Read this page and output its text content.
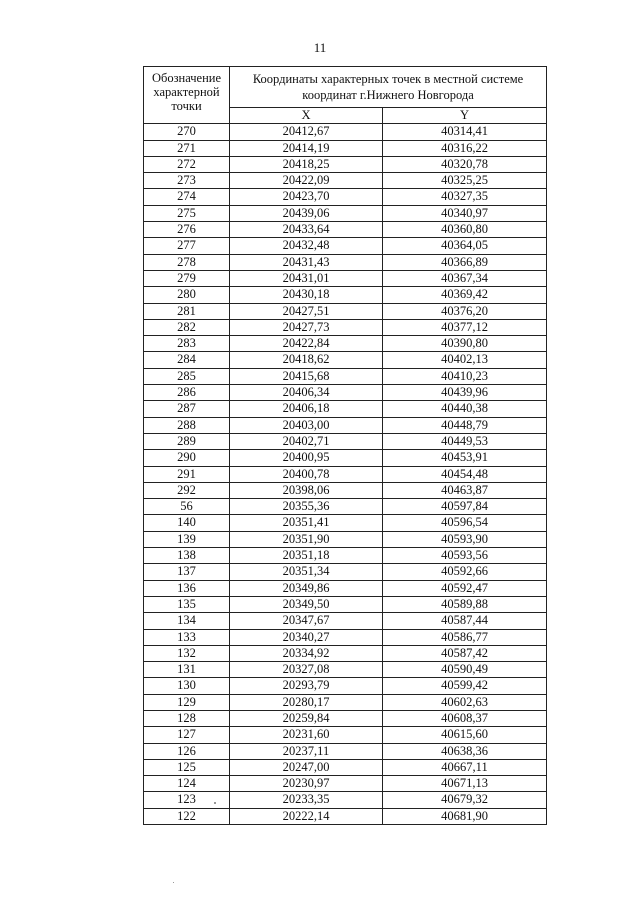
11
Обозначение характерной точки	Координаты характерных точек в местной системе координат г.Нижнего Новгорода	
	X	Y
270	20412,67	40314,41
271	20414,19	40316,22
272	20418,25	40320,78
273	20422,09	40325,25
274	20423,70	40327,35
275	20439,06	40340,97
276	20433,64	40360,80
277	20432,48	40364,05
278	20431,43	40366,89
279	20431,01	40367,34
280	20430,18	40369,42
281	20427,51	40376,20
282	20427,73	40377,12
283	20422,84	40390,80
284	20418,62	40402,13
285	20415,68	40410,23
286	20406,34	40439,96
287	20406,18	40440,38
288	20403,00	40448,79
289	20402,71	40449,53
290	20400,95	40453,91
291	20400,78	40454,48
292	20398,06	40463,87
56	20355,36	40597,84
140	20351,41	40596,54
139	20351,90	40593,90
138	20351,18	40593,56
137	20351,34	40592,66
136	20349,86	40592,47
135	20349,50	40589,88
134	20347,67	40587,44
133	20340,27	40586,77
132	20334,92	40587,42
131	20327,08	40590,49
130	20293,79	40599,42
129	20280,17	40602,63
128	20259,84	40608,37
127	20231,60	40615,60
126	20237,11	40638,36
125	20247,00	40667,11
124	20230,97	40671,13
123	20233,35	40679,32
122	20222,14	40681,90
